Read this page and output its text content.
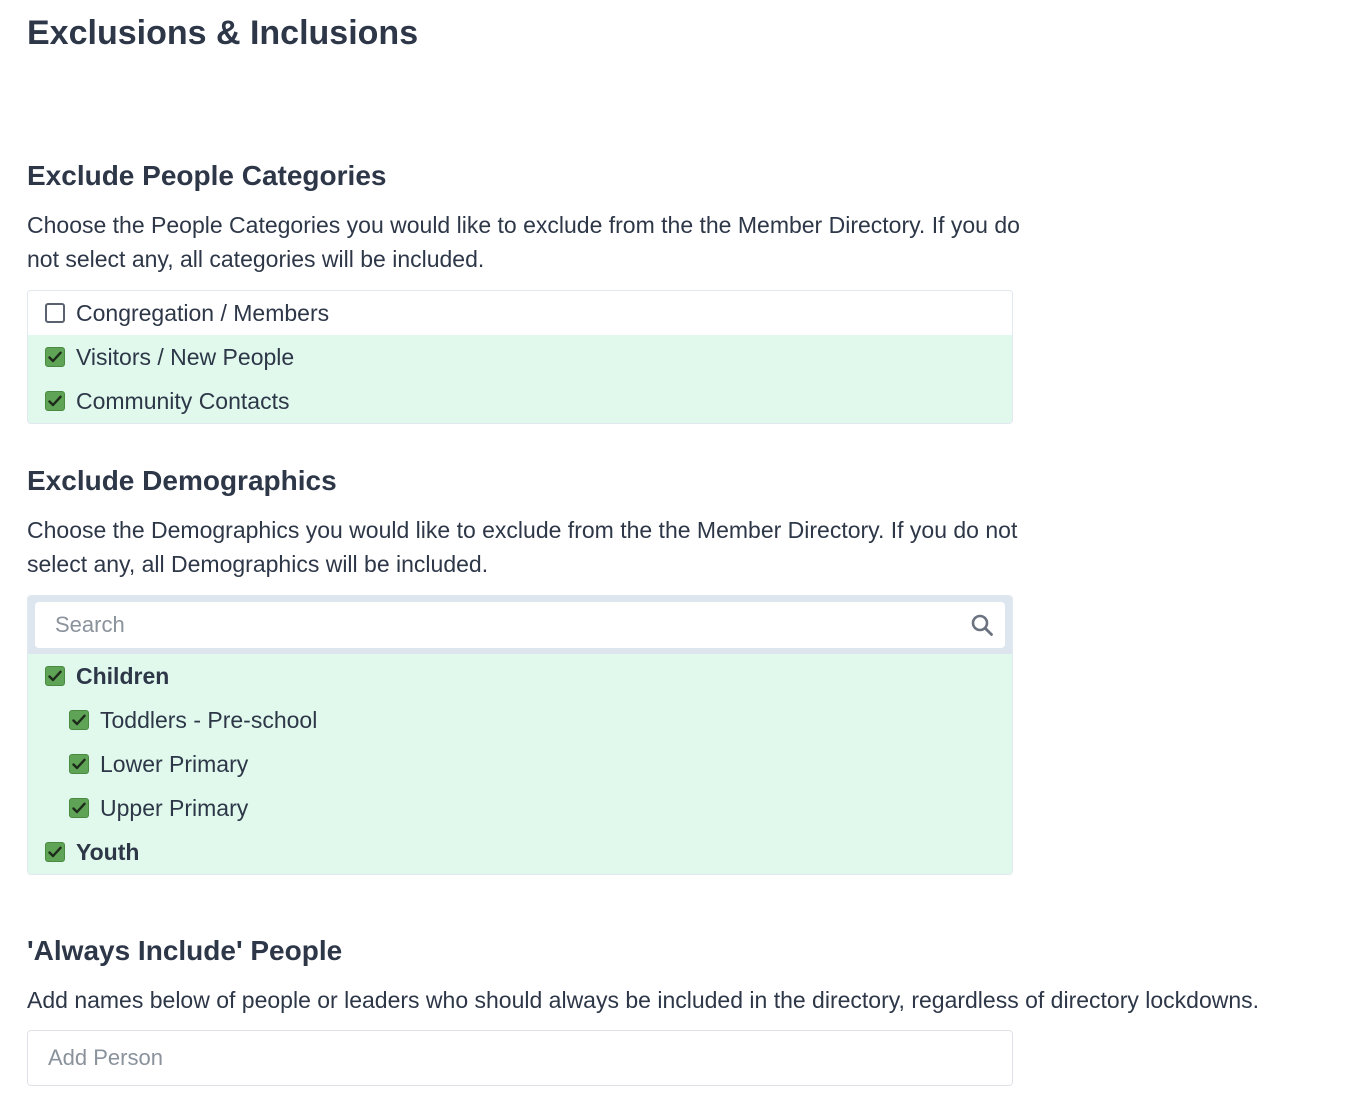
Exclusions & Inclusions
Exclude People Categories

Choose the People Categories you would like to exclude from the the Member Directory. If you do not select any, all categories will be included.

Congregation / Members
Visitors / New People
Community Contacts
Exclude Demographics

Choose the Demographics you would like to exclude from the the Member Directory. If you do not select any, all Demographics will be included.

Search
Children
Toddlers - Pre-school
Lower Primary
Upper Primary
Youth
'Always Include' People

Add names below of people or leaders who should always be included in the directory, regardless of directory lockdowns.

Add Person
